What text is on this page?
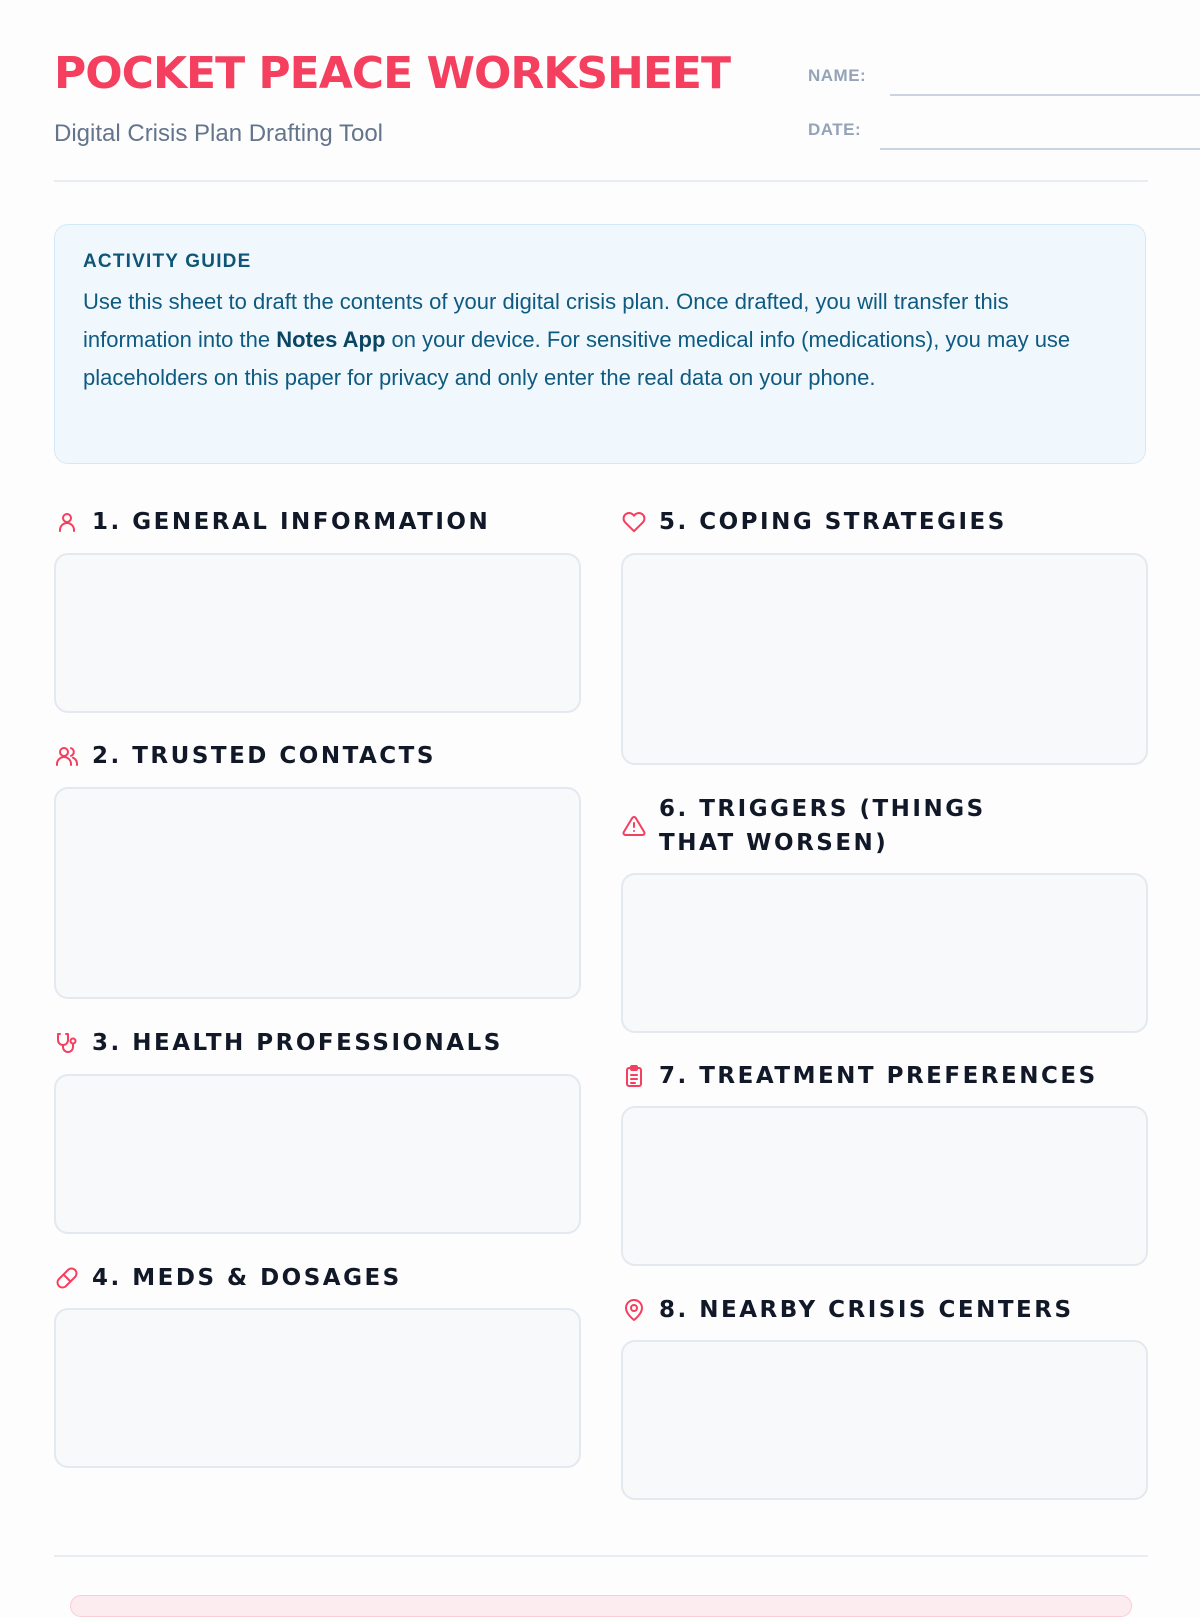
POCKET PEACE WORKSHEET

Digital Crisis Plan Drafting Tool

NAME:
DATE:

ACTIVITY GUIDE

Use this sheet to draft the contents of your digital crisis plan. Once drafted, you will transfer this information into the Notes App on your device. For sensitive medical info (medications), you may use placeholders on this paper for privacy and only enter the real data on your phone.

1. GENERAL INFORMATION
2. TRUSTED CONTACTS
3. HEALTH PROFESSIONALS
4. MEDS & DOSAGES
5. COPING STRATEGIES
6. TRIGGERS (THINGS THAT WORSEN)
7. TREATMENT PREFERENCES
8. NEARBY CRISIS CENTERS
